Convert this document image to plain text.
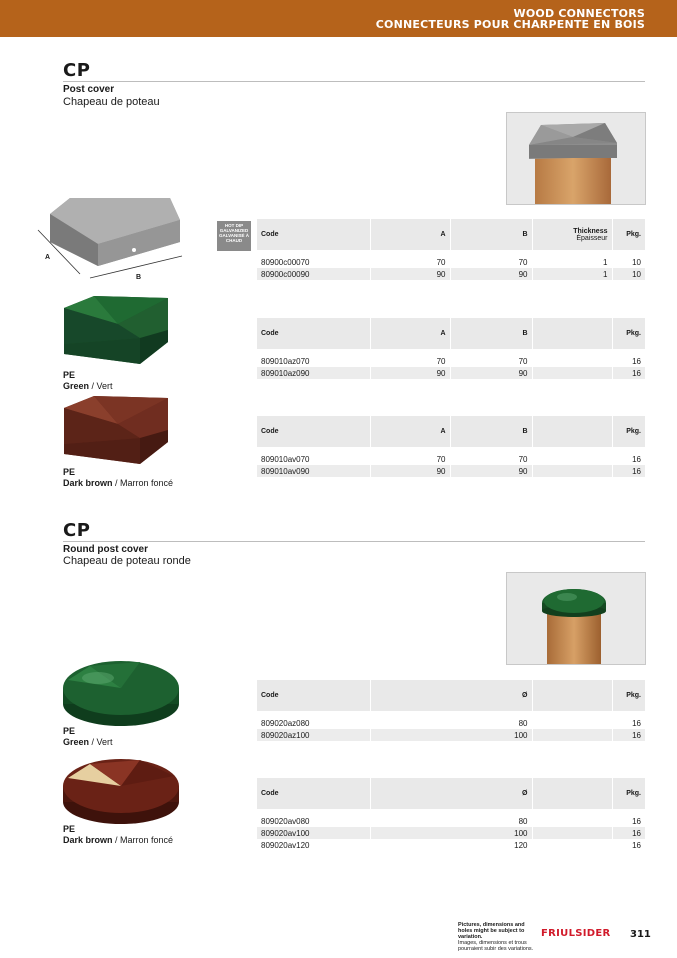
WOOD CONNECTORS
CONNECTEURS POUR CHARPENTE EN BOIS
CP
Post cover
Chapeau de poteau
A
B
HOT DIP GALVANIZED GALVANISÉ À CHAUD
Code	A	B	Thickness
Épaisseur	Pkg.

80900c00070	70	70	1	10
80900c00090	90	90	1	10
PE
Green / Vert
Code	A	B		Pkg.

809010az070	70	70		16
809010az090	90	90		16
PE
Dark brown / Marron foncé
Code	A	B		Pkg.

809010av070	70	70		16
809010av090	90	90		16
CP
Round post cover
Chapeau de poteau ronde
PE
Green / Vert
Code	Ø		Pkg.

809020az080	80		16
809020az100	100		16
PE
Dark brown / Marron foncé
Code	Ø		Pkg.

809020av080	80		16
809020av100	100		16
809020av120	120		16
Pictures, dimensions and holes might be subject to variation.
Images, dimensions et trous pourraient subir des variations.
FRIULSIDER 311
